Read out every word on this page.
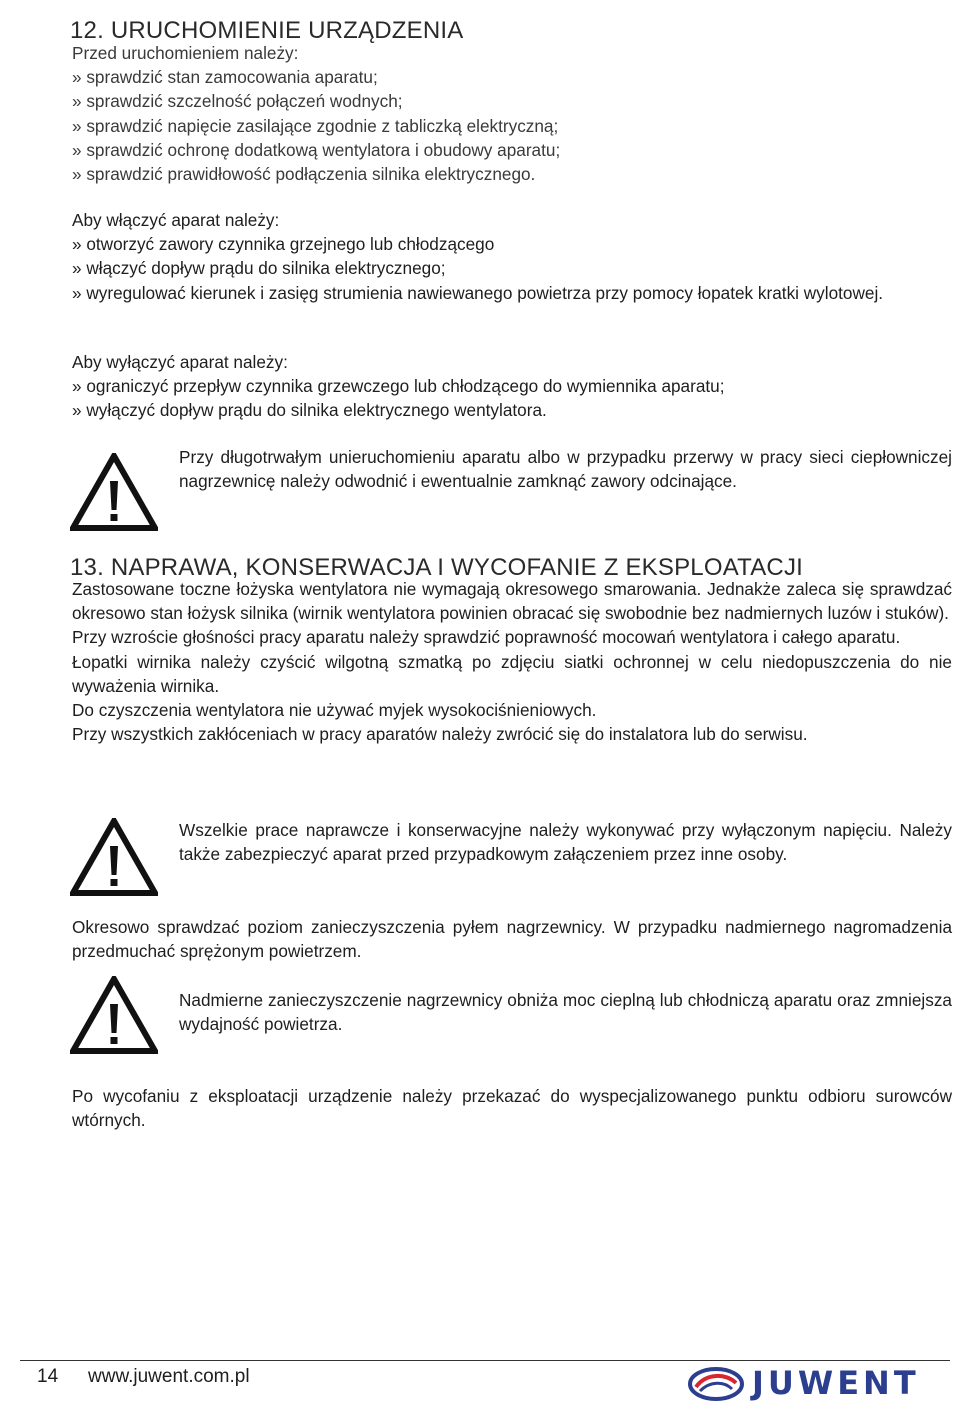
12. URUCHOMIENIE URZĄDZENIA
Przed uruchomieniem należy:
» sprawdzić stan zamocowania aparatu;
» sprawdzić szczelność połączeń wodnych;
» sprawdzić napięcie zasilające zgodnie z tabliczką elektryczną;
» sprawdzić ochronę dodatkową wentylatora i obudowy aparatu;
» sprawdzić prawidłowość podłączenia silnika elektrycznego.
Aby włączyć aparat należy:
» otworzyć zawory czynnika grzejnego lub chłodzącego
» włączyć dopływ prądu do silnika elektrycznego;
» wyregulować kierunek i zasięg strumienia nawiewanego powietrza przy pomocy łopatek kratki wylotowej.
Aby wyłączyć aparat należy:
» ograniczyć przepływ czynnika grzewczego lub chłodzącego do wymiennika aparatu;
» wyłączyć dopływ prądu do silnika elektrycznego wentylatora.
Przy długotrwałym unieruchomieniu aparatu albo w przypadku przerwy w pracy sieci ciepłowniczej nagrzewnicę należy odwodnić i ewentualnie zamknąć zawory odcinające.
13. NAPRAWA, KONSERWACJA I WYCOFANIE Z EKSPLOATACJI
Zastosowane toczne łożyska wentylatora nie wymagają okresowego smarowania. Jednakże zaleca się sprawdzać okresowo stan łożysk silnika (wirnik wentylatora powinien obracać się swobodnie bez nadmiernych luzów i stuków).
Przy wzroście głośności pracy aparatu należy sprawdzić poprawność mocowań wentylatora i całego aparatu.
Łopatki wirnika należy czyścić wilgotną szmatką po zdjęciu siatki ochronnej w celu niedopuszczenia do nie wyważenia wirnika.
Do czyszczenia wentylatora nie używać myjek wysokociśnieniowych.
Przy wszystkich zakłóceniach w pracy aparatów należy zwrócić się do instalatora lub do serwisu.
Wszelkie prace naprawcze i konserwacyjne należy wykonywać przy wyłączonym napięciu. Należy także zabezpieczyć aparat przed przypadkowym załączeniem przez inne osoby.
Okresowo sprawdzać poziom zanieczyszczenia pyłem nagrzewnicy. W przypadku nadmiernego nagromadzenia przedmuchać sprężonym powietrzem.
Nadmierne zanieczyszczenie nagrzewnicy obniża moc cieplną lub chłodniczą aparatu oraz zmniejsza wydajność powietrza.
Po wycofaniu z eksploatacji urządzenie należy przekazać do wyspecjalizowanego punktu odbioru surowców wtórnych.
14 www.juwent.com.pl	JUWENT
